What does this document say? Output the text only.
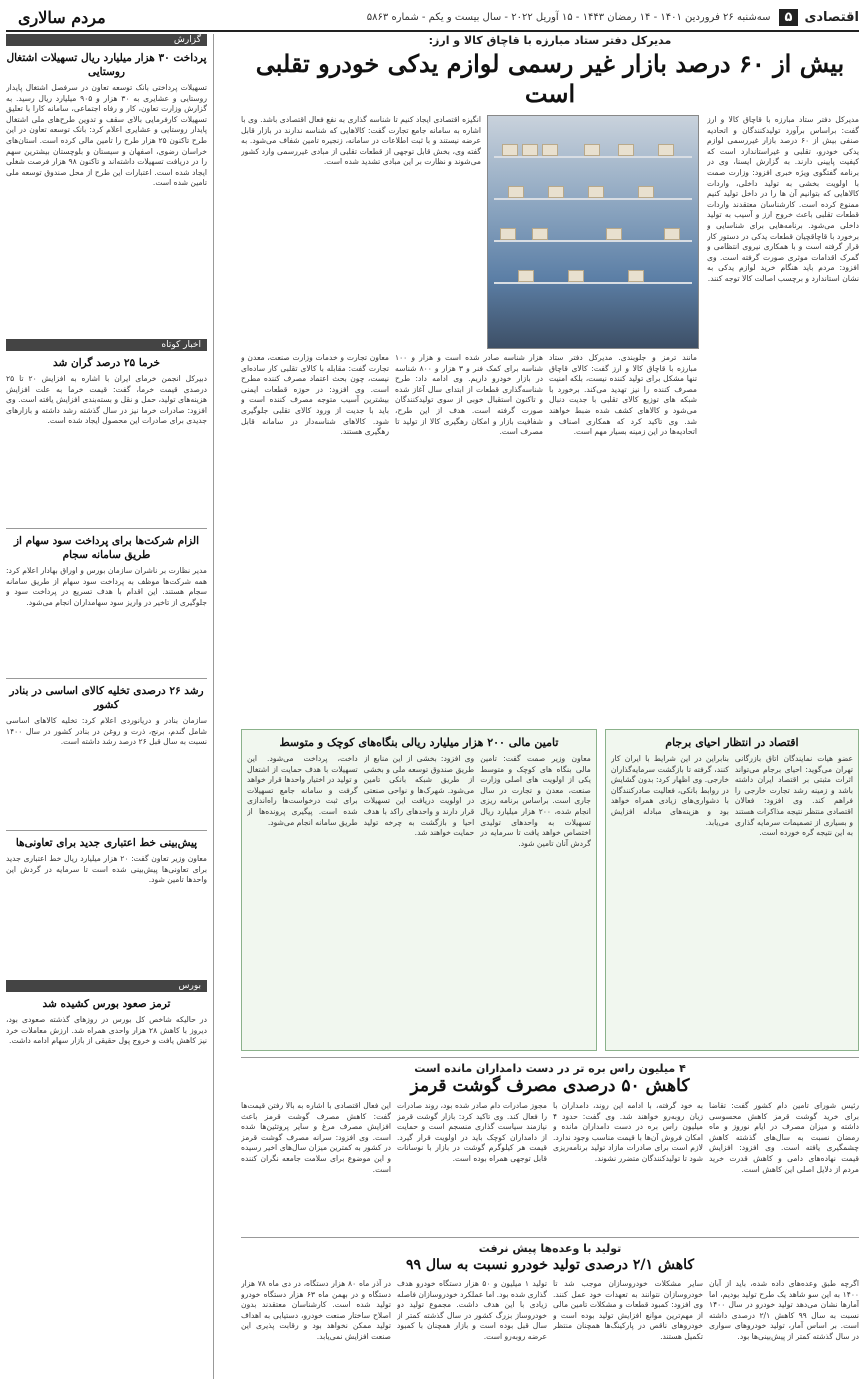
اقتصادی
۵
سه‌شنبه ۲۶ فروردین ۱۴۰۱ - ۱۴ رمضان ۱۴۴۳ - ۱۵ آوریل ۲۰۲۲ - سال بیست و یکم - شماره ۵۸۶۳
مردم سالاری
مدیرکل دفتر ستاد مبارزه با قاچاق کالا و ارز:
بیش از ۶۰ درصد بازار غیر رسمی لوازم یدکی خودرو تقلبی است

مدیرکل دفتر ستاد مبارزه با قاچاق کالا و ارز گفت: براساس برآورد تولیدکنندگان و اتحادیه صنفی بیش از ۶۰ درصد بازار غیررسمی لوازم یدکی خودرو، تقلبی و غیراستاندارد است که کیفیت پایینی دارند. به گزارش ایسنا، وی در برنامه گفتگوی ویژه خبری افزود: وزارت صمت با اولویت بخشی به تولید داخلی، واردات کالاهایی که بتوانیم آن ها را در داخل تولید کنیم ممنوع کرده است. کارشناسان معتقدند واردات قطعات تقلبی باعث خروج ارز و آسیب به تولید داخلی می‌شود. برنامه‌هایی برای شناسایی و برخورد با قاچاقچیان قطعات یدکی در دستور کار قرار گرفته است و با همکاری نیروی انتظامی و گمرک اقدامات موثری صورت گرفته است. وی افزود: مردم باید هنگام خرید لوازم یدکی به نشان استاندارد و برچسب اصالت کالا توجه کنند.

انگیزه اقتصادی ایجاد کنیم تا شناسه گذاری به نفع فعال اقتصادی باشد. وی با اشاره به سامانه جامع تجارت گفت: کالاهایی که شناسه ندارند در بازار قابل عرضه نیستند و با ثبت اطلاعات در سامانه، زنجیره تامین شفاف می‌شود. به گفته وی، بخش قابل توجهی از قطعات تقلبی از مبادی غیررسمی وارد کشور می‌شوند و نظارت بر این مبادی تشدید شده است.

مانند ترمز و جلوبندی. مدیرکل دفتر ستاد مبارزه با قاچاق کالا و ارز گفت: کالای قاچاق تنها مشکل برای تولید کننده نیست، بلکه امنیت مصرف کننده را نیز تهدید می‌کند. برخورد با شبکه های توزیع کالای تقلبی با جدیت دنبال می‌شود و کالاهای کشف شده ضبط خواهند شد. وی تاکید کرد که همکاری اصناف و اتحادیه‌ها در این زمینه بسیار مهم است.

هزار شناسه صادر شده است و هزار و ۱۰۰ شناسه برای کمک فنر و ۳ هزار و ۸۰۰ شناسه در بازار خودرو داریم. وی ادامه داد: طرح شناسه‌گذاری قطعات از ابتدای سال آغاز شده و تاکنون استقبال خوبی از سوی تولیدکنندگان صورت گرفته است. هدف از این طرح، شفافیت بازار و امکان رهگیری کالا از تولید تا مصرف است.

معاون تجارت و خدمات وزارت صنعت، معدن و تجارت گفت: مقابله با کالای تقلبی کار ساده‌ای نیست، چون بحث اعتماد مصرف کننده مطرح است. وی افزود: در حوزه قطعات ایمنی بیشترین آسیب متوجه مصرف کننده است و باید با جدیت از ورود کالای تقلبی جلوگیری شود. کالاهای شناسه‌دار در سامانه قابل رهگیری هستند.

اقتصاد در انتظار احیای برجام

عضو هیات نمایندگان اتاق بازرگانی تهران می‌گوید: احیای برجام می‌تواند اثرات مثبتی بر اقتصاد ایران داشته باشد و زمینه رشد تجارت خارجی را فراهم کند. وی افزود: فعالان اقتصادی منتظر نتیجه مذاکرات هستند و بسیاری از تصمیمات سرمایه گذاری به این نتیجه گره خورده است.

بنابراین در این شرایط با ایران کار کنند، گرفته تا بازگشت سرمایه‌گذاران خارجی. وی اظهار کرد: بدون گشایش در روابط بانکی، فعالیت صادرکنندگان با دشواری‌های زیادی همراه خواهد بود و هزینه‌های مبادله افزایش می‌یابد.

تامین مالی ۲۰۰ هزار میلیارد ریالی بنگاه‌های کوچک و متوسط

معاون وزیر صمت گفت: تامین مالی بنگاه های کوچک و متوسط یکی از اولویت های اصلی وزارت صنعت، معدن و تجارت در سال جاری است. براساس برنامه ریزی انجام شده، ۲۰۰ هزار میلیارد ریال تسهیلات به واحدهای تولیدی اختصاص خواهد یافت تا سرمایه در گردش آنان تامین شود.

وی افزود: بخشی از این منابع از طریق صندوق توسعه ملی و بخشی از طریق شبکه بانکی تامین می‌شود. شهرک‌ها و نواحی صنعتی در اولویت دریافت این تسهیلات قرار دارند و واحدهای راکد با هدف احیا و بازگشت به چرخه تولید حمایت خواهند شد.

داخت، پرداخت می‌شود. این تسهیلات با هدف حمایت از اشتغال و تولید در اختیار واحدها قرار خواهد گرفت و سامانه جامع تسهیلات برای ثبت درخواست‌ها راه‌اندازی شده است. پیگیری پرونده‌ها از طریق سامانه انجام می‌شود.

۴ میلیون راس بره تر در دست دامداران مانده است
کاهش ۵۰ درصدی مصرف گوشت قرمز

رئیس شورای تامین دام کشور گفت: تقاضا برای خرید گوشت قرمز کاهش محسوسی داشته و میزان مصرف در ایام نوروز و ماه رمضان نسبت به سال‌های گذشته کاهش چشمگیری یافته است. وی افزود: افزایش قیمت نهاده‌های دامی و کاهش قدرت خرید مردم از دلایل اصلی این کاهش است.

به خود گرفته، با ادامه این روند، دامداران با زیان روبه‌رو خواهند شد. وی گفت: حدود ۴ میلیون راس بره در دست دامداران مانده و امکان فروش آن‌ها با قیمت مناسب وجود ندارد. لازم است برای صادرات مازاد تولید برنامه‌ریزی شود تا تولیدکنندگان متضرر نشوند.

مجوز صادرات دام صادر شده بود، روند صادرات را فعال کند. وی تاکید کرد: بازار گوشت قرمز نیازمند سیاست گذاری منسجم است و حمایت از دامداران کوچک باید در اولویت قرار گیرد. قیمت هر کیلوگرم گوشت در بازار با نوسانات قابل توجهی همراه بوده است.

این فعال اقتصادی با اشاره به بالا رفتن قیمت‌ها گفت: کاهش مصرف گوشت قرمز باعث افزایش مصرف مرغ و سایر پروتئین‌ها شده است. وی افزود: سرانه مصرف گوشت قرمز در کشور به کمترین میزان سال‌های اخیر رسیده و این موضوع برای سلامت جامعه نگران کننده است.

تولید با وعده‌ها پیش نرفت
کاهش ۲/۱ درصدی تولید خودرو نسبت به سال ۹۹

اگرچه طبق وعده‌های داده شده، باید از آبان ۱۴۰۰ به این سو شاهد یک طرح تولید بودیم، اما آمارها نشان می‌دهد تولید خودرو در سال ۱۴۰۰ نسبت به سال ۹۹ کاهش ۲/۱ درصدی داشته است. بر اساس آمار، تولید خودروهای سواری در سال گذشته کمتر از پیش‌بینی‌ها بود.

سایر مشکلات خودروسازان موجب شد تا خودروسازان نتوانند به تعهدات خود عمل کنند. وی افزود: کمبود قطعات و مشکلات تامین مالی از مهم‌ترین موانع افزایش تولید بوده است و خودروهای ناقص در پارکینگ‌ها همچنان منتظر تکمیل هستند.

تولید ۱ میلیون و ۵۰ هزار دستگاه خودرو هدف گذاری شده بود. اما عملکرد خودروسازان فاصله زیادی با این هدف داشت. مجموع تولید دو خودروساز بزرگ کشور در سال گذشته کمتر از سال قبل بوده است و بازار همچنان با کمبود عرضه روبه‌رو است.

در آذر ماه ۸۰ هزار دستگاه، در دی ماه ۷۸ هزار دستگاه و در بهمن ماه ۶۳ هزار دستگاه خودرو تولید شده است. کارشناسان معتقدند بدون اصلاح ساختار صنعت خودرو، دستیابی به اهداف تولید ممکن نخواهد بود و رقابت پذیری این صنعت افزایش نمی‌یابد.

گزارش
پرداخت ۳۰ هزار میلیارد ریال تسهیلات اشتغال روستایی

تسهیلات پرداختی بانک توسعه تعاون در سرفصل اشتغال پایدار روستایی و عشایری به ۳۰ هزار و ۹۰۵ میلیارد ریال رسید. به گزارش وزارت تعاون، کار و رفاه اجتماعی، سامانه کارا با تعلیق تسهیلات کارفرمایی بالای سقف و تدوین طرح‌های ملی اشتغال پایدار روستایی و عشایری اعلام کرد: بانک توسعه تعاون در این طرح تاکنون ۲۵ هزار طرح را تامین مالی کرده است. استان‌های خراسان رضوی، اصفهان و سیستان و بلوچستان بیشترین سهم را در دریافت تسهیلات داشته‌اند و تاکنون ۹۸ هزار فرصت شغلی ایجاد شده است. اعتبارات این طرح از محل صندوق توسعه ملی تامین شده است.

اخبار کوتاه
خرما ۲۵ درصد گران شد

دبیرکل انجمن خرمای ایران با اشاره به افزایش ۲۰ تا ۲۵ درصدی قیمت خرما، گفت: قیمت خرما به علت افزایش هزینه‌های تولید، حمل و نقل و بسته‌بندی افزایش یافته است. وی افزود: صادرات خرما نیز در سال گذشته رشد داشته و بازارهای جدیدی برای صادرات این محصول ایجاد شده است.

الزام شرکت‌ها برای پرداخت سود سهام از طریق سامانه سجام

مدیر نظارت بر ناشران سازمان بورس و اوراق بهادار اعلام کرد: همه شرکت‌ها موظف به پرداخت سود سهام از طریق سامانه سجام هستند. این اقدام با هدف تسریع در پرداخت سود و جلوگیری از تاخیر در واریز سود سهامداران انجام می‌شود.

رشد ۲۶ درصدی تخلیه کالای اساسی در بنادر کشور

سازمان بنادر و دریانوردی اعلام کرد: تخلیه کالاهای اساسی شامل گندم، برنج، ذرت و روغن در بنادر کشور در سال ۱۴۰۰ نسبت به سال قبل ۲۶ درصد رشد داشته است.

پیش‌بینی خط اعتباری جدید برای تعاونی‌ها

معاون وزیر تعاون گفت: ۲۰ هزار میلیارد ریال خط اعتباری جدید برای تعاونی‌ها پیش‌بینی شده است تا سرمایه در گردش این واحدها تامین شود.

بورس
ترمز صعود بورس کشیده شد

در حالیکه شاخص کل بورس در روزهای گذشته صعودی بود، دیروز با کاهش ۲۸ هزار واحدی همراه شد. ارزش معاملات خرد نیز کاهش یافت و خروج پول حقیقی از بازار سهام ادامه داشت.
